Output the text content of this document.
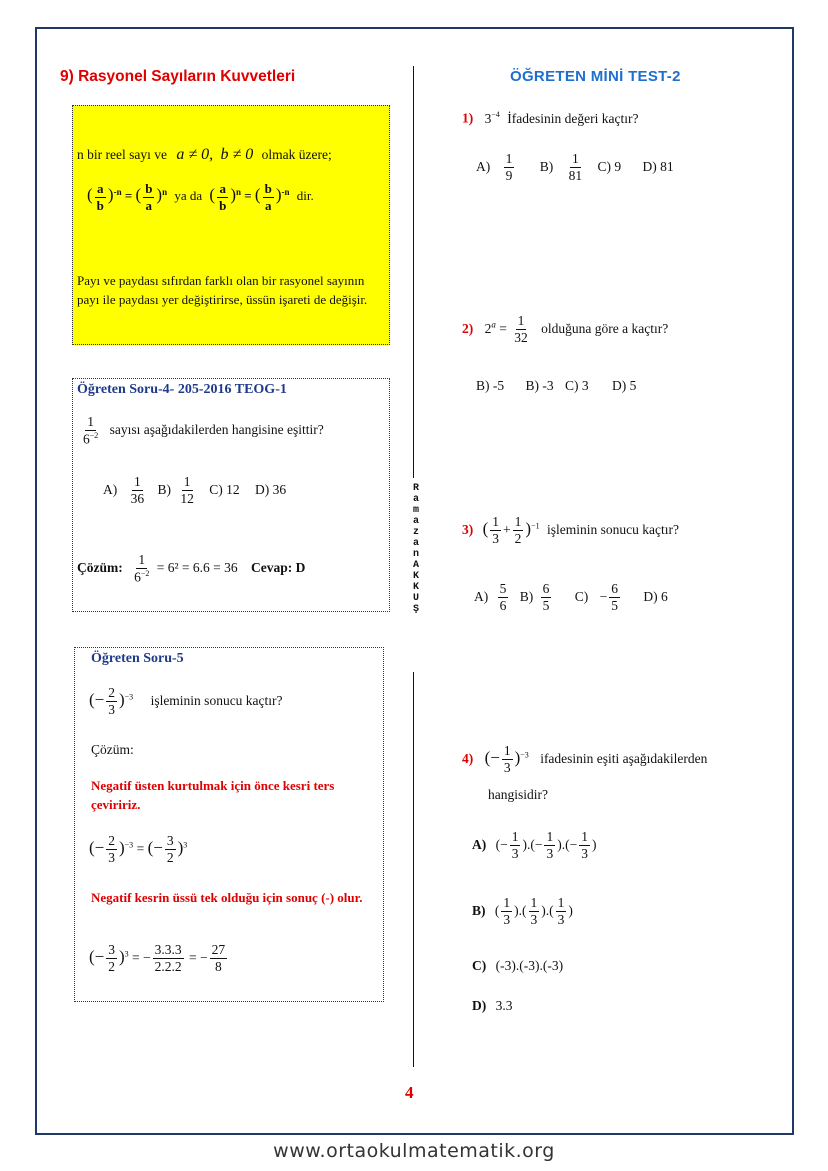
9) Rasyonel Sayıların Kuvvetleri
n bir reel sayı ve a ≠ 0, b ≠ 0 olmak üzere;
( $\frac{a}{b} )^{-n}$ = ( $\frac{b}{a} )^n$ ya da ( $\frac{a}{b} )^n$ = ( $\frac{b}{a} )^{-n}$ dir.
Payı ve paydası sıfırdan farklı olan bir rasyonel sayının payı ile paydası yer değiştirirse, üssün işareti de değişir.
Öğreten Soru-4- 205-2016 TEOG-1
$\frac{1}{6^{-2}}$ sayısı aşağıdakilerden hangisine eşittir?
$A) \frac{1}{36} B) \frac{1}{12} C$) 12 D) 36
Çözüm: $\frac{1}{6^{-2}} = 6^2 = 6.6 = 36$ Cevap: D
Öğreten Soru-5
(− $\frac{2}{3} )^{-3}$ işleminin sonucu kaçtır?
Çözüm:
Negatif üsten kurtulmak için önce kesri ters çeviririz.
(− $\frac{2}{3} )^{-3}$ = (− $\frac{3}{2} )^3$
Negatif kesrin üssü tek olduğu için sonuç (-) olur.
(− $\frac{3}{2} )^3$ = − $\frac{3.3.3}{2.2.2}$ = − $\frac{27}{8}$
R
a
m
a
z
a
n
A
K
K
U
Ş
ÖĞRETEN MİNİ TEST-2
1) $3^{-4}$ İfadesinin değeri kaçtır?
$A) \frac{1}{9} B) \frac{1}{81} C$) 9 D) 81
2) $2^a = \frac{1}{32}$ olduğuna göre a kaçtır?
B) -5 B) -3 C) 3 D) 5
3) ( $\frac{1}{3} + \frac{1}{2} )^{-1}$ işleminin sonucu kaçtır?
$A) \frac{5}{6} B) \frac{6}{5} C) - \frac{6}{5} D$) 6
4) (− $\frac{1}{3} )^{-3}$ ifadesinin eşiti aşağıdakilerden
hangisidir?
A) (− $\frac{1}{3}$ ).(− $\frac{1}{3}$ ).(− $\frac{1}{3}$ )
B) ( $\frac{1}{3}$ ).( $\frac{1}{3}$ ).( $\frac{1}{3}$ )
C) (-3).(-3).(-3)
D) 3.3
4
www.ortaokulmatematik.org
